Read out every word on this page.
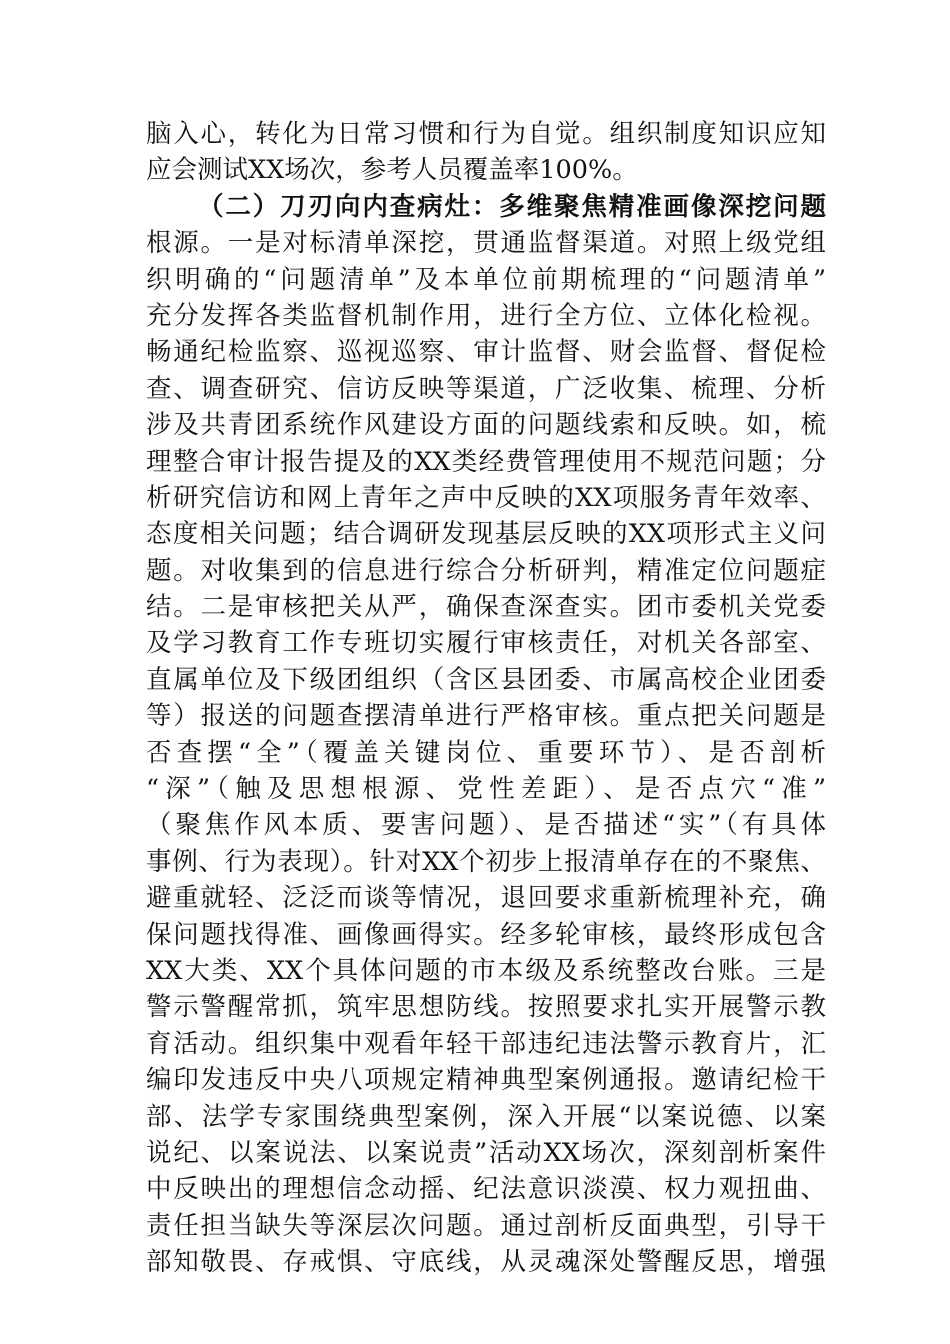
脑入心，转化为日常习惯和行为自觉。组织制度知识应知
应会测试XX场次，参考人员覆盖率100%。
（二）刀刃向内查病灶：多维聚焦精准画像深挖问题
根源。一是对标清单深挖，贯通监督渠道。对照上级党组
织明确的“问题清单”及本单位前期梳理的“问题清单”
充分发挥各类监督机制作用，进行全方位、立体化检视。
畅通纪检监察、巡视巡察、审计监督、财会监督、督促检
查、调查研究、信访反映等渠道，广泛收集、梳理、分析
涉及共青团系统作风建设方面的问题线索和反映。如，梳
理整合审计报告提及的XX类经费管理使用不规范问题；分
析研究信访和网上青年之声中反映的XX项服务青年效率、
态度相关问题；结合调研发现基层反映的XX项形式主义问
题。对收集到的信息进行综合分析研判，精准定位问题症
结。二是审核把关从严，确保查深查实。团市委机关党委
及学习教育工作专班切实履行审核责任，对机关各部室、
直属单位及下级团组织（含区县团委、市属高校企业团委
等）报送的问题查摆清单进行严格审核。重点把关问题是
否查摆“全”（覆盖关键岗位、重要环节）、是否剖析
“深”（触及思想根源、党性差距）、是否点穴“准”
（聚焦作风本质、要害问题）、是否描述“实”（有具体
事例、行为表现）。针对XX个初步上报清单存在的不聚焦、
避重就轻、泛泛而谈等情况，退回要求重新梳理补充，确
保问题找得准、画像画得实。经多轮审核，最终形成包含
XX大类、XX个具体问题的市本级及系统整改台账。三是
警示警醒常抓，筑牢思想防线。按照要求扎实开展警示教
育活动。组织集中观看年轻干部违纪违法警示教育片，汇
编印发违反中央八项规定精神典型案例通报。邀请纪检干
部、法学专家围绕典型案例，深入开展“以案说德、以案
说纪、以案说法、以案说责”活动XX场次，深刻剖析案件
中反映出的理想信念动摇、纪法意识淡漠、权力观扭曲、
责任担当缺失等深层次问题。通过剖析反面典型，引导干
部知敬畏、存戒惧、守底线，从灵魂深处警醒反思，增强
